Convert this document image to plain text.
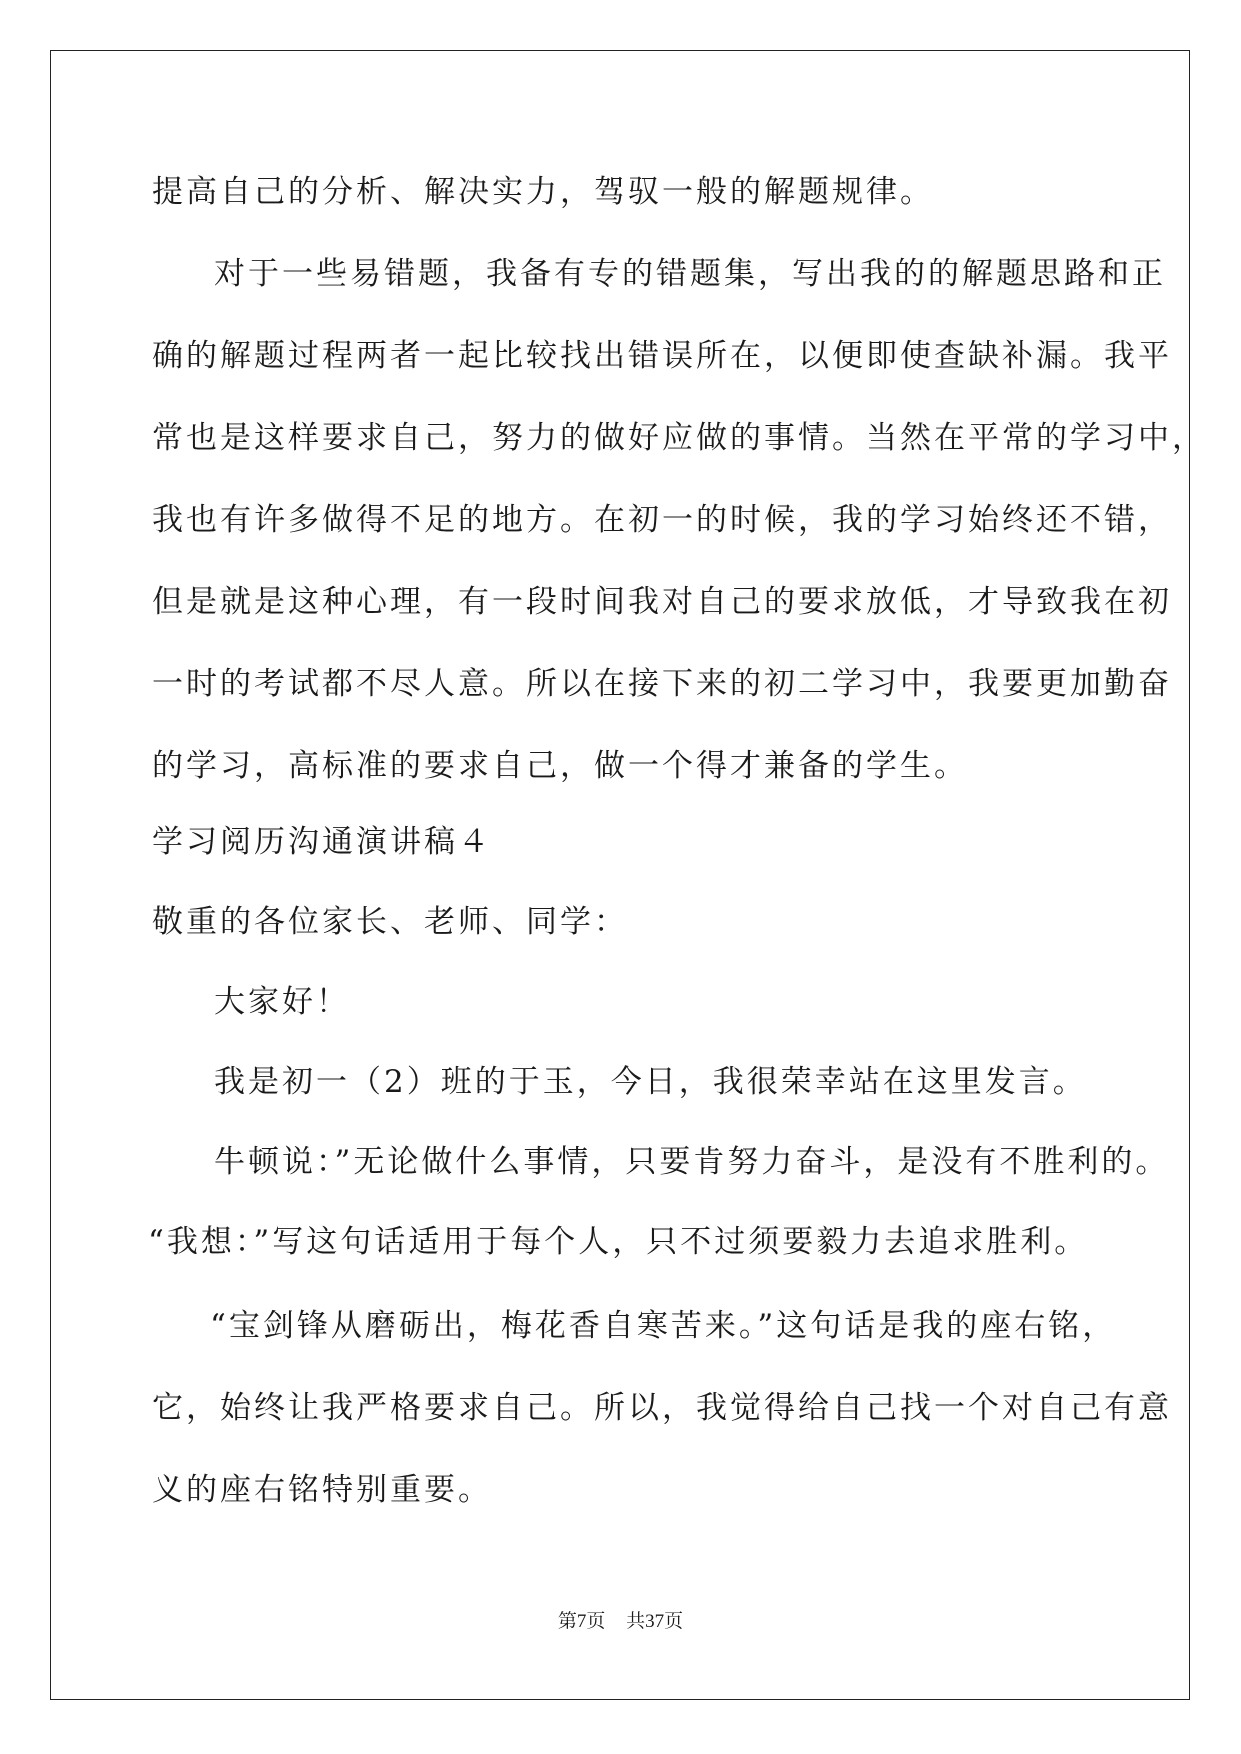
提高自己的分析、解决实力，驾驭一般的解题规律。
对于一些易错题，我备有专的错题集，写出我的的解题思路和正
确的解题过程两者一起比较找出错误所在，以便即使查缺补漏。我平
常也是这样要求自己，努力的做好应做的事情。当然在平常的学习中，
我也有许多做得不足的地方。在初一的时候，我的学习始终还不错，
但是就是这种心理，有一段时间我对自己的要求放低，才导致我在初
一时的考试都不尽人意。所以在接下来的初二学习中，我要更加勤奋
的学习，高标准的要求自己，做一个得才兼备的学生。
学习阅历沟通演讲稿４
敬重的各位家长、老师、同学：
大家好！
我是初一（2）班的于玉，今日，我很荣幸站在这里发言。
牛顿说：”无论做什么事情，只要肯努力奋斗，是没有不胜利的。
“我想：”写这句话适用于每个人，只不过须要毅力去追求胜利。
“宝剑锋从磨砺出，梅花香自寒苦来。”这句话是我的座右铭，
它，始终让我严格要求自己。所以，我觉得给自己找一个对自己有意
义的座右铭特别重要。
第7页 共37页
